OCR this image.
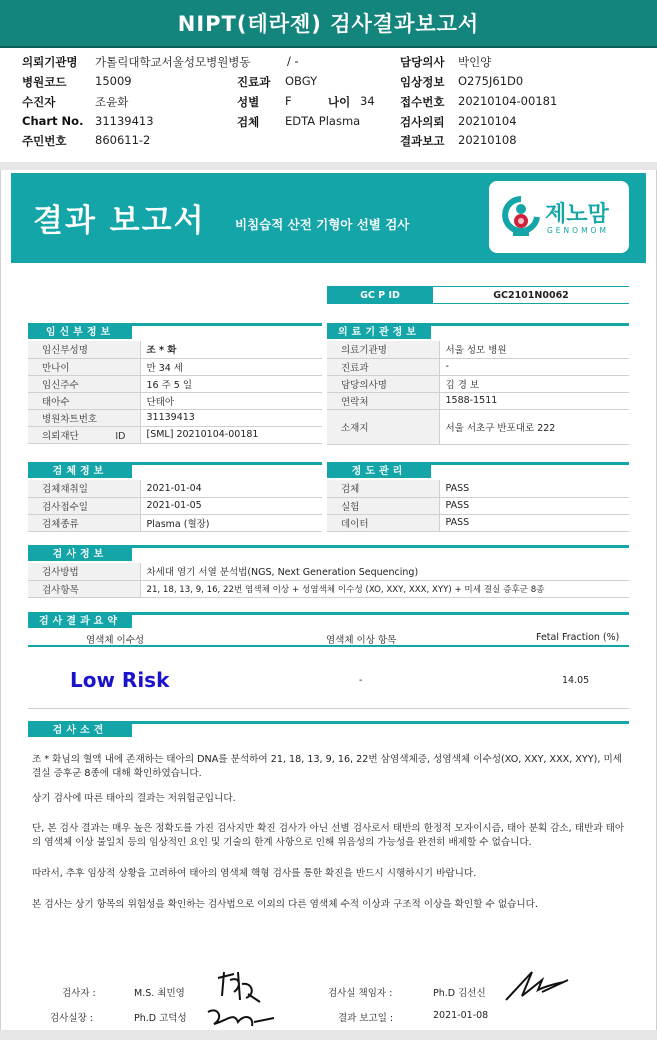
NIPT(테라젠) 검사결과보고서
의뢰기관명 가톨릭대학교서울성모병원병동	/ -	담당의사 박인양
병원코드 15009	진료과 OBGY	임상정보 O275J61D0
수진자	조윤화	성별 F	나이 34 접수번호 20210104-00181
Chart No. 31139413	검체 EDTA Plasma	검사의뢰 20210104
주민번호 860611-2	결과보고 20210108
결과 보고서 비침습적 산전 기형아 선별 검사	제노맘
GENOMOM
GC P ID	GC2101N0062
임신부정보
임신부성명	조 * 화
만나이	만 34 세
임신주수	16 주 5 일
태아수	단태아
병원차트번호	31139413
의뢰재단 ID	[SML] 20210104-00181
의료기관정보
의료기관명	서울 성모 병원
진료과	-
담당의사명	김 경 보
연락처	1588-1511
소재지	서울 서초구 반포대로 222
검체정보
검체채취일	2021-01-04
검사접수일	2021-01-05
검체종류	Plasma (혈장)
정도관리
검체	PASS
실험	PASS
데이터	PASS
검사정보
검사방법	차세대 염기 서열 분석법(NGS, Next Generation Sequencing)
검사항목	21, 18, 13, 9, 16, 22번 염색체 이상 + 성염색체 이수성 (XO, XXY, XXX, XYY) + 미세 결실 증후군 8종
검사결과요약
염색체 이수성	염색체 이상 항목	Fetal Fraction (%)
Low Risk	-	14.05
검사소견
조 * 화님의 혈액 내에 존재하는 태아의 DNA를 분석하여 21, 18, 13, 9, 16, 22번 삼염색체증, 성염색체 이수성(XO, XXY, XXX, XYY), 미세 결실 증후군 8종에 대해 확인하였습니다.
상기 검사에 따른 태아의 결과는 저위험군입니다.
단, 본 검사 결과는 매우 높은 정확도를 가진 검사지만 확진 검사가 아닌 선별 검사로서 태반의 한정적 모자이시즘, 태아 분획 감소, 태반과 태아의 염색체 이상 불일치 등의 임상적인 요인 및 기술의 한계 사항으로 인해 위음성의 가능성을 완전히 배제할 수 없습니다.
따라서, 추후 임상적 상황을 고려하여 태아의 염색체 핵형 검사를 통한 확진을 반드시 시행하시기 바랍니다.
본 검사는 상기 항목의 위험성을 확인하는 검사법으로 이외의 다른 염색체 수적 이상과 구조적 이상을 확인할 수 없습니다.
검사자 :	M.S. 최민영	검사실 책임자 :	Ph.D 김선신
검사실장 :	Ph.D 고덕성	결과 보고일 :	2021-01-08
